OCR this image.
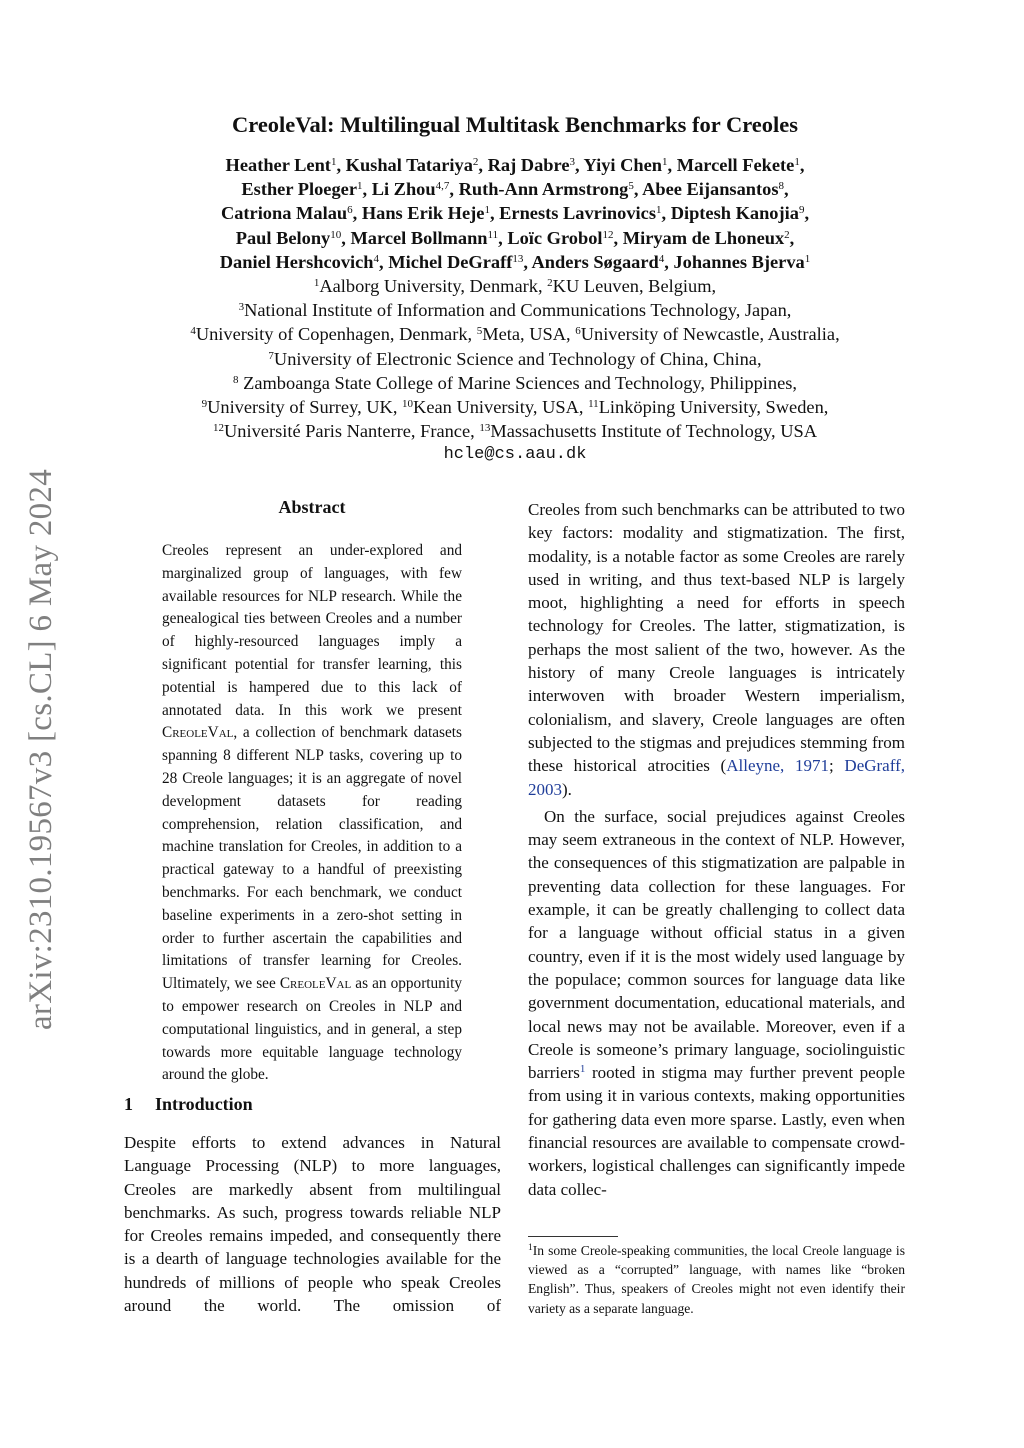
arXiv:2310.19567v3 [cs.CL] 6 May 2024
CreoleVal: Multilingual Multitask Benchmarks for Creoles
Heather Lent$^1$, Kushal Tatariya$^2$, Raj Dabre$^3$, Yiyi Chen$^1$, Marcell Fekete$^1$,
Esther Ploeger$^1$, Li Zhou$^{4,7}$, Ruth-Ann Armstrong$^5$, Abee Eijansantos$^8$,
Catriona Malau$^6$, Hans Erik Heje$^1$, Ernests Lavrinovics$^1$, Diptesh Kanojia$^9$,
Paul Belony$^{10}$, Marcel Bollmann$^{11}$, Loïc Grobol$^{12}$, Miryam de Lhoneux$^2$,
Daniel Hershcovich$^4$, Michel DeGraff$^{13}$, Anders Søgaard$^4$, Johannes Bjerva$^1$
$^1$Aalborg University, Denmark, $^2$KU Leuven, Belgium,
$^3$National Institute of Information and Communications Technology, Japan,
$^4$University of Copenhagen, Denmark, $^5$Meta, USA, $^6$University of Newcastle, Australia,
$^7$University of Electronic Science and Technology of China, China,
$^8$ Zamboanga State College of Marine Sciences and Technology, Philippines,
$^9$University of Surrey, UK, $^{10}$Kean University, USA, $^{11}$Linköping University, Sweden,
$^{12}$Université Paris Nanterre, France, $^{13}$Massachusetts Institute of Technology, USA
hcle@cs.aau.dk
Abstract

Creoles represent an under-explored and marginalized group of languages, with few available resources for NLP research. While the genealogical ties between Creoles and a number of highly-resourced languages imply a significant potential for transfer learning, this potential is hampered due to this lack of annotated data. In this work we present CreoleVal, a collection of benchmark datasets spanning 8 different NLP tasks, covering up to 28 Creole languages; it is an aggregate of novel development datasets for reading comprehension, relation classification, and machine translation for Creoles, in addition to a practical gateway to a handful of preexisting benchmarks. For each benchmark, we conduct baseline experiments in a zero-shot setting in order to further ascertain the capabilities and limitations of transfer learning for Creoles. Ultimately, we see CreoleVal as an opportunity to empower research on Creoles in NLP and computational linguistics, and in general, a step towards more equitable language technology around the globe.

1 Introduction

Despite efforts to extend advances in Natural Language Processing (NLP) to more languages, Creoles are markedly absent from multilingual benchmarks. As such, progress towards reliable NLP for Creoles remains impeded, and consequently there is a dearth of language technologies available for the hundreds of millions of people who speak Creoles around the world. The omission of

Creoles from such benchmarks can be attributed to two key factors: modality and stigmatization. The first, modality, is a notable factor as some Creoles are rarely used in writing, and thus text-based NLP is largely moot, highlighting a need for efforts in speech technology for Creoles. The latter, stigmatization, is perhaps the most salient of the two, however. As the history of many Creole languages is intricately interwoven with broader Western imperialism, colonialism, and slavery, Creole languages are often subjected to the stigmas and prejudices stemming from these historical atrocities (Alleyne, 1971; DeGraff, 2003).

On the surface, social prejudices against Creoles may seem extraneous in the context of NLP. However, the consequences of this stigmatization are palpable in preventing data collection for these languages. For example, it can be greatly challenging to collect data for a language without official status in a given country, even if it is the most widely used language by the populace; common sources for language data like government documentation, educational materials, and local news may not be available. Moreover, even if a Creole is someone’s primary language, sociolinguistic barriers$^1$ rooted in stigma may further prevent people from using it in various contexts, making opportunities for gathering data even more sparse. Lastly, even when financial resources are available to compensate crowd-workers, logistical challenges can significantly impede data collec-

$^1$In some Creole-speaking communities, the local Creole language is viewed as a “corrupted” language, with names like “broken English”. Thus, speakers of Creoles might not even identify their variety as a separate language.
